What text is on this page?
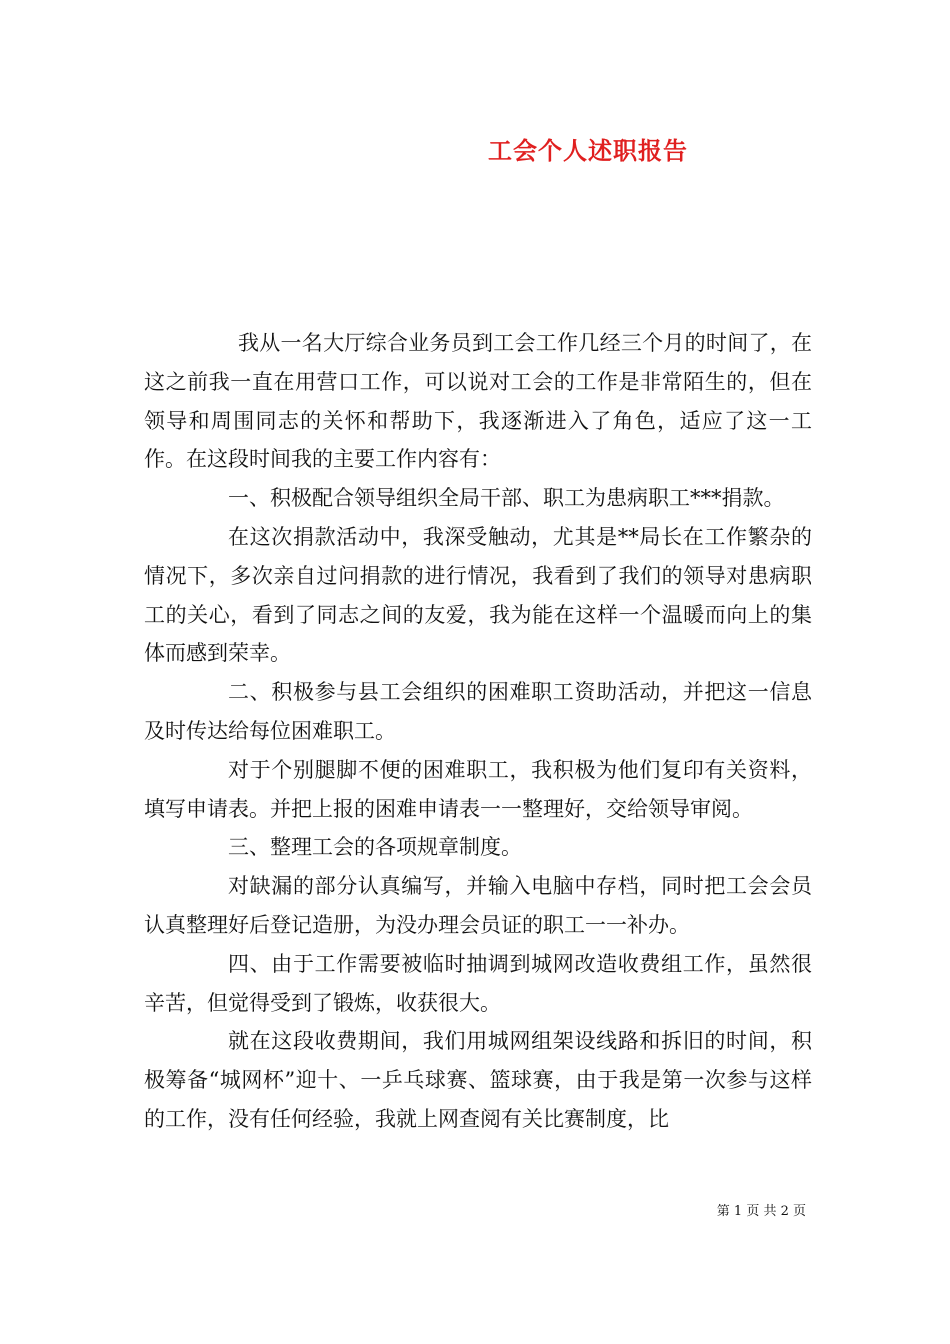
工会个人述职报告

我从一名大厅综合业务员到工会工作几经三个月的时间了，在这之前我一直在用营口工作，可以说对工会的工作是非常陌生的，但在领导和周围同志的关怀和帮助下，我逐渐进入了角色，适应了这一工作。在这段时间我的主要工作内容有：

一、积极配合领导组织全局干部、职工为患病职工***捐款。

在这次捐款活动中，我深受触动，尤其是**局长在工作繁杂的情况下，多次亲自过问捐款的进行情况，我看到了我们的领导对患病职工的关心，看到了同志之间的友爱，我为能在这样一个温暖而向上的集体而感到荣幸。

二、积极参与县工会组织的困难职工资助活动，并把这一信息及时传达给每位困难职工。

对于个别腿脚不便的困难职工，我积极为他们复印有关资料，填写申请表。并把上报的困难申请表一一整理好，交给领导审阅。

三、整理工会的各项规章制度。

对缺漏的部分认真编写，并输入电脑中存档，同时把工会会员认真整理好后登记造册，为没办理会员证的职工一一补办。

四、由于工作需要被临时抽调到城网改造收费组工作，虽然很辛苦，但觉得受到了锻炼，收获很大。

就在这段收费期间，我们用城网组架设线路和拆旧的时间，积极筹备“城网杯”迎十、一乒乓球赛、篮球赛，由于我是第一次参与这样的工作，没有任何经验，我就上网查阅有关比赛制度，比

第 1 页 共 2 页
